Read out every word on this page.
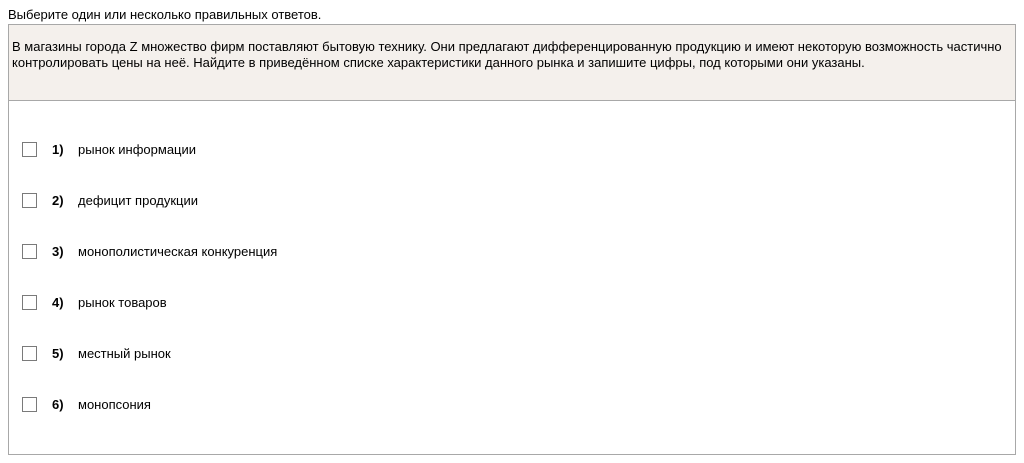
Выберите один или несколько правильных ответов.
В магазины города Z множество фирм поставляют бытовую технику. Они предлагают дифференцированную продукцию и имеют некоторую возможность частично контролировать цены на неё. Найдите в приведённом списке характеристики данного рынка и запишите цифры, под которыми они указаны.
1) рынок информации
2) дефицит продукции
3) монополистическая конкуренция
4) рынок товаров
5) местный рынок
6) монопсония
